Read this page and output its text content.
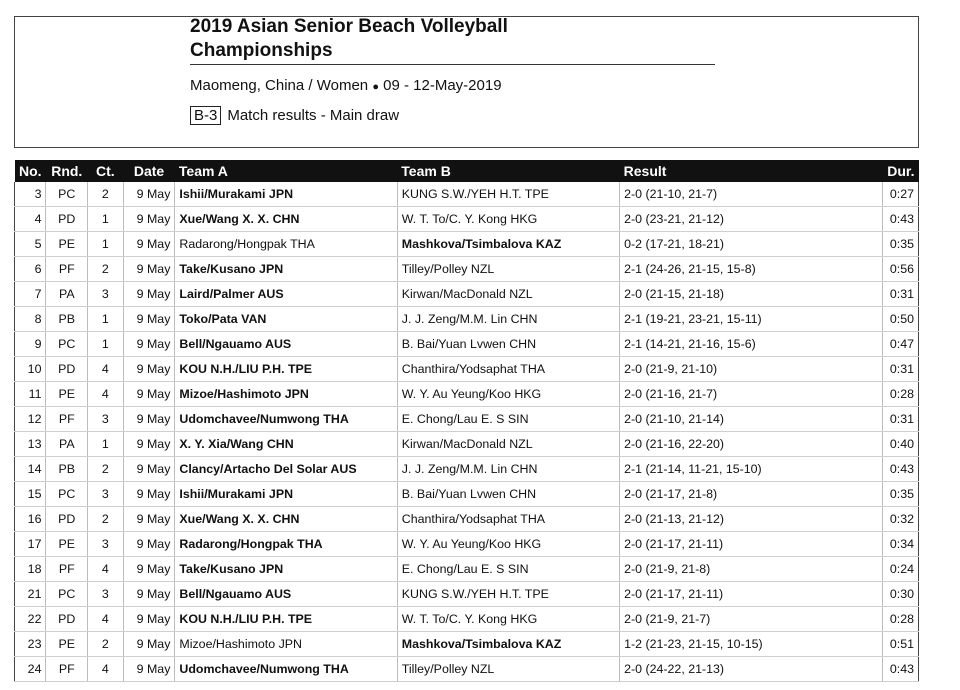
2019 Asian Senior Beach Volleyball
Championships
Maomeng, China / Women ● 09 - 12-May-2019
B-3 Match results - Main draw
No.	Rnd.	Ct.	Date	Team A	Team B	Result	Dur.
3	PC	2	9 May	Ishii/Murakami JPN	KUNG S.W./YEH H.T. TPE	2-0 (21-10, 21-7)	0:27
4	PD	1	9 May	Xue/Wang X. X. CHN	W. T. To/C. Y. Kong HKG	2-0 (23-21, 21-12)	0:43
5	PE	1	9 May	Radarong/Hongpak THA	Mashkova/Tsimbalova KAZ	0-2 (17-21, 18-21)	0:35
6	PF	2	9 May	Take/Kusano JPN	Tilley/Polley NZL	2-1 (24-26, 21-15, 15-8)	0:56
7	PA	3	9 May	Laird/Palmer AUS	Kirwan/MacDonald NZL	2-0 (21-15, 21-18)	0:31
8	PB	1	9 May	Toko/Pata VAN	J. J. Zeng/M.M. Lin CHN	2-1 (19-21, 23-21, 15-11)	0:50
9	PC	1	9 May	Bell/Ngauamo AUS	B. Bai/Yuan Lvwen CHN	2-1 (14-21, 21-16, 15-6)	0:47
10	PD	4	9 May	KOU N.H./LIU P.H. TPE	Chanthira/Yodsaphat THA	2-0 (21-9, 21-10)	0:31
11	PE	4	9 May	Mizoe/Hashimoto JPN	W. Y. Au Yeung/Koo HKG	2-0 (21-16, 21-7)	0:28
12	PF	3	9 May	Udomchavee/Numwong THA	E. Chong/Lau E. S SIN	2-0 (21-10, 21-14)	0:31
13	PA	1	9 May	X. Y. Xia/Wang CHN	Kirwan/MacDonald NZL	2-0 (21-16, 22-20)	0:40
14	PB	2	9 May	Clancy/Artacho Del Solar AUS	J. J. Zeng/M.M. Lin CHN	2-1 (21-14, 11-21, 15-10)	0:43
15	PC	3	9 May	Ishii/Murakami JPN	B. Bai/Yuan Lvwen CHN	2-0 (21-17, 21-8)	0:35
16	PD	2	9 May	Xue/Wang X. X. CHN	Chanthira/Yodsaphat THA	2-0 (21-13, 21-12)	0:32
17	PE	3	9 May	Radarong/Hongpak THA	W. Y. Au Yeung/Koo HKG	2-0 (21-17, 21-11)	0:34
18	PF	4	9 May	Take/Kusano JPN	E. Chong/Lau E. S SIN	2-0 (21-9, 21-8)	0:24
21	PC	3	9 May	Bell/Ngauamo AUS	KUNG S.W./YEH H.T. TPE	2-0 (21-17, 21-11)	0:30
22	PD	4	9 May	KOU N.H./LIU P.H. TPE	W. T. To/C. Y. Kong HKG	2-0 (21-9, 21-7)	0:28
23	PE	2	9 May	Mizoe/Hashimoto JPN	Mashkova/Tsimbalova KAZ	1-2 (21-23, 21-15, 10-15)	0:51
24	PF	4	9 May	Udomchavee/Numwong THA	Tilley/Polley NZL	2-0 (24-22, 21-13)	0:43
